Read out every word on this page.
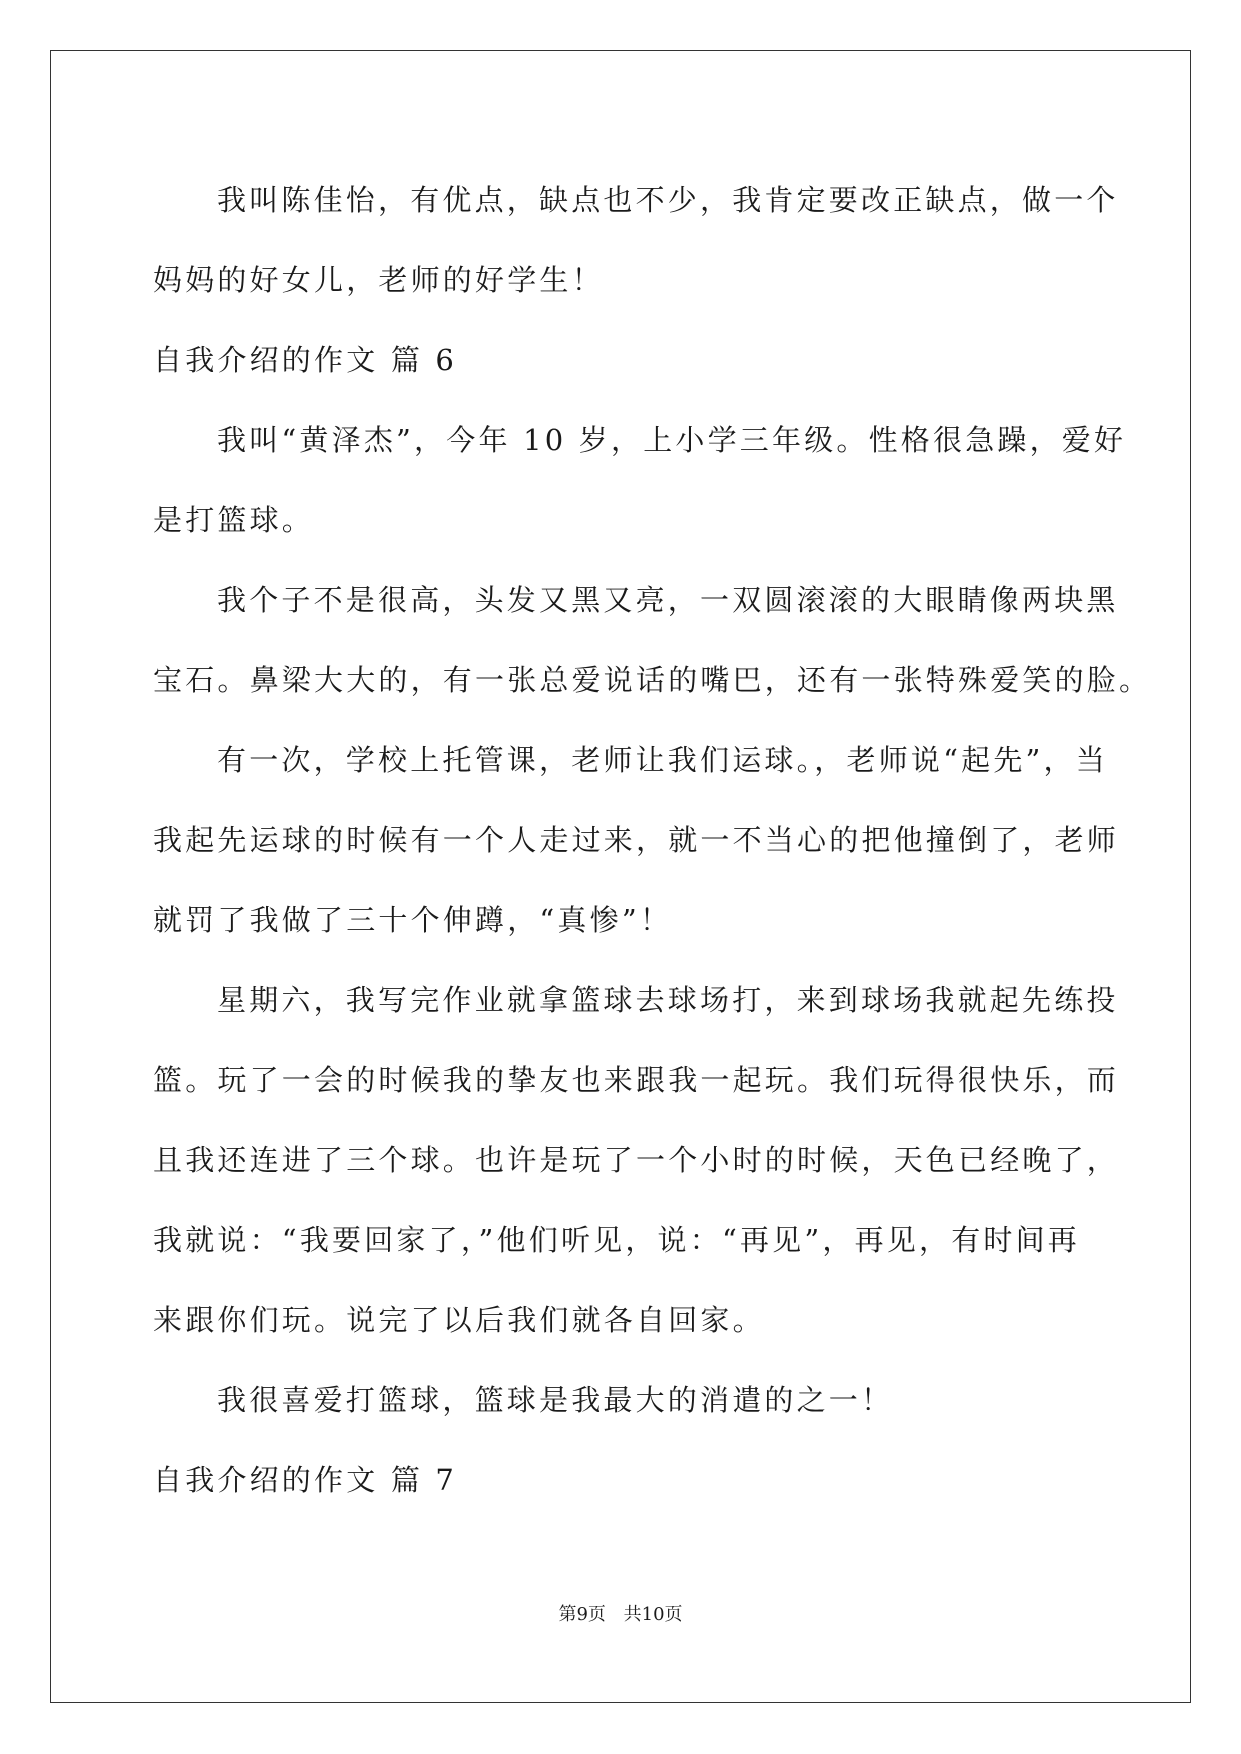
我叫陈佳怡，有优点，缺点也不少，我肯定要改正缺点，做一个

妈妈的好女儿，老师的好学生！

自我介绍的作文 篇 6

我叫“黄泽杰”，今年 10 岁，上小学三年级。性格很急躁，爱好

是打篮球。

我个子不是很高，头发又黑又亮，一双圆滚滚的大眼睛像两块黑

宝石。鼻梁大大的，有一张总爱说话的嘴巴，还有一张特殊爱笑的脸。

有一次，学校上托管课，老师让我们运球。，老师说“起先”，当

我起先运球的时候有一个人走过来，就一不当心的把他撞倒了，老师

就罚了我做了三十个伸蹲，“真惨”！

星期六，我写完作业就拿篮球去球场打，来到球场我就起先练投

篮。玩了一会的时候我的挚友也来跟我一起玩。我们玩得很快乐，而

且我还连进了三个球。也许是玩了一个小时的时候，天色已经晚了，

我就说：“我要回家了，”他们听见，说：“再见”，再见，有时间再

来跟你们玩。说完了以后我们就各自回家。

我很喜爱打篮球，篮球是我最大的消遣的之一！

自我介绍的作文 篇 7

第9页 共10页
